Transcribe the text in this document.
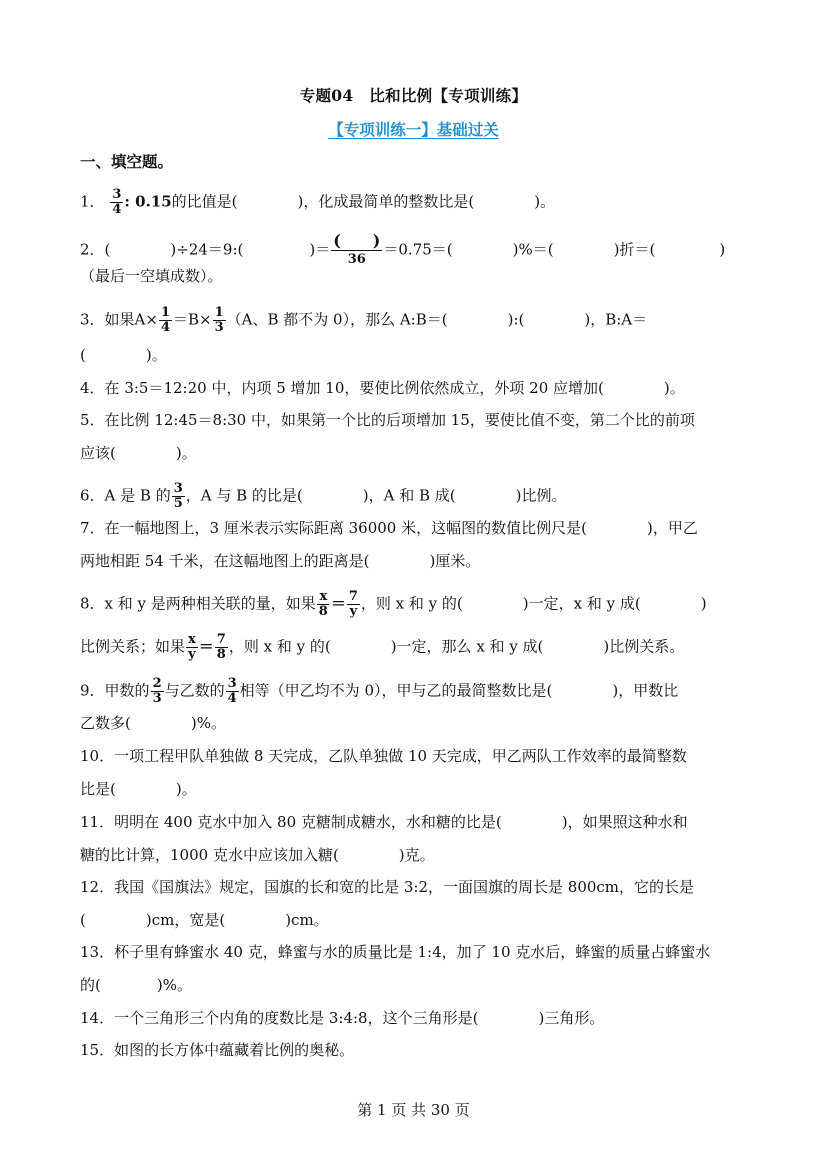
专题04　比和比例【专项训练】
【专项训练一】基础过关
一、填空题。
1． $\frac{3}{4}$ : 0.15的比值是(	)，化成最简单的整数比是(	)。
2．(	)÷24＝9:(	)＝ $\frac{( )}{36} =0.75=$(	)%＝(	)折＝(	)
（最后一空填成数）。
3．如果$A\times \frac{1}{4} =B\times \frac{1}{3} (A$、B 都不为 0），那么 A:B＝(	):(	)，B:A＝
(	)。
4．在 3:5＝12:20 中，内项 5 增加 10，要使比例依然成立，外项 20 应增加(	)。
5．在比例 12:45＝8:30 中，如果第一个比的后项增加 15，要使比值不变，第二个比的前项
应该(	)。
6．A 是 B 的 $\frac{3}{5}$ ，A 与 B 的比是(	)，A 和 B 成(	)比例。
7．在一幅地图上，3 厘米表示实际距离 36000 米，这幅图的数值比例尺是(	)，甲乙
两地相距 54 千米，在这幅地图上的距离是(	)厘米。
8．x 和 y 是两种相关联的量，如果 $\frac{x}{8} = \frac{7}{y}$ ，则 x 和 y 的(	)一定，x 和 y 成(	)
比例关系；如果 $\frac{x}{y} = \frac{7}{8}$ ，则 x 和 y 的(	)一定，那么 x 和 y 成(	)比例关系。
9．甲数的 $\frac{2}{3}$ 与乙数的 $\frac{3}{4}$ 相等（甲乙均不为 0），甲与乙的最简整数比是(	)，甲数比
乙数多(	)%。
10．一项工程甲队单独做 8 天完成，乙队单独做 10 天完成，甲乙两队工作效率的最简整数
比是(	)。
11．明明在 400 克水中加入 80 克糖制成糖水，水和糖的比是(	)，如果照这种水和
糖的比计算，1000 克水中应该加入糖(	)克。
12．我国《国旗法》规定，国旗的长和宽的比是 3:2，一面国旗的周长是 800cm，它的长是
(	)cm，宽是(	)cm。
13．杯子里有蜂蜜水 40 克，蜂蜜与水的质量比是 1:4，加了 10 克水后，蜂蜜的质量占蜂蜜水
的(	)%。
14．一个三角形三个内角的度数比是 3:4:8，这个三角形是(	)三角形。
15．如图的长方体中蕴藏着比例的奥秘。
第 1 页 共 30 页
